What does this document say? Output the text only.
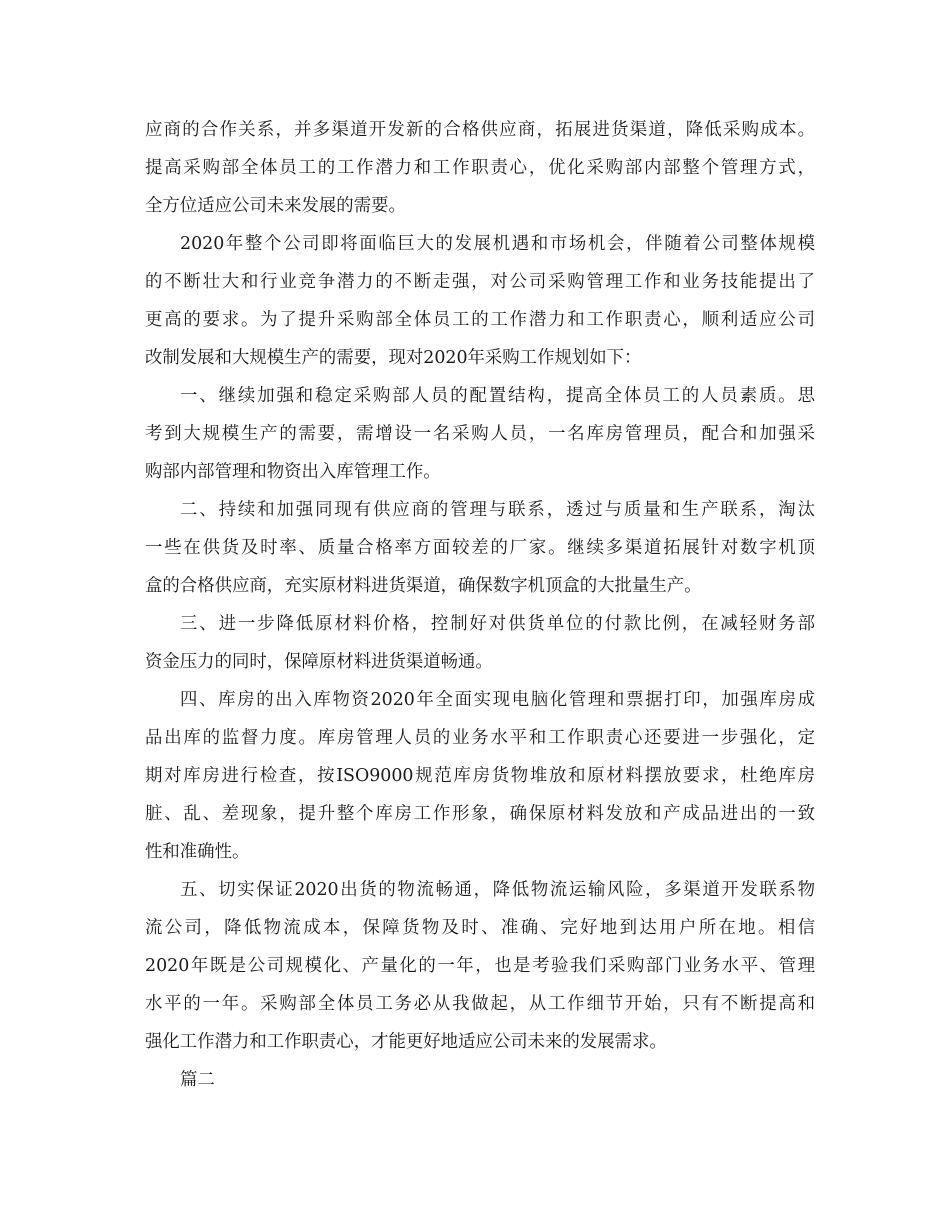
应商的合作关系，并多渠道开发新的合格供应商，拓展进货渠道，降低采购成本。

提高采购部全体员工的工作潜力和工作职责心，优化采购部内部整个管理方式，

全方位适应公司未来发展的需要。

2020年整个公司即将面临巨大的发展机遇和市场机会，伴随着公司整体规模

的不断壮大和行业竞争潜力的不断走强，对公司采购管理工作和业务技能提出了

更高的要求。为了提升采购部全体员工的工作潜力和工作职责心，顺利适应公司

改制发展和大规模生产的需要，现对2020年采购工作规划如下：

一、继续加强和稳定采购部人员的配置结构，提高全体员工的人员素质。思

考到大规模生产的需要，需增设一名采购人员，一名库房管理员，配合和加强采

购部内部管理和物资出入库管理工作。

二、持续和加强同现有供应商的管理与联系，透过与质量和生产联系，淘汰

一些在供货及时率、质量合格率方面较差的厂家。继续多渠道拓展针对数字机顶

盒的合格供应商，充实原材料进货渠道，确保数字机顶盒的大批量生产。

三、进一步降低原材料价格，控制好对供货单位的付款比例，在减轻财务部

资金压力的同时，保障原材料进货渠道畅通。

四、库房的出入库物资2020年全面实现电脑化管理和票据打印，加强库房成

品出库的监督力度。库房管理人员的业务水平和工作职责心还要进一步强化，定

期对库房进行检查，按ISO9000规范库房货物堆放和原材料摆放要求，杜绝库房

脏、乱、差现象，提升整个库房工作形象，确保原材料发放和产成品进出的一致

性和准确性。

五、切实保证2020出货的物流畅通，降低物流运输风险，多渠道开发联系物

流公司，降低物流成本，保障货物及时、准确、完好地到达用户所在地。相信

2020年既是公司规模化、产量化的一年，也是考验我们采购部门业务水平、管理

水平的一年。采购部全体员工务必从我做起，从工作细节开始，只有不断提高和

强化工作潜力和工作职责心，才能更好地适应公司未来的发展需求。

篇二
